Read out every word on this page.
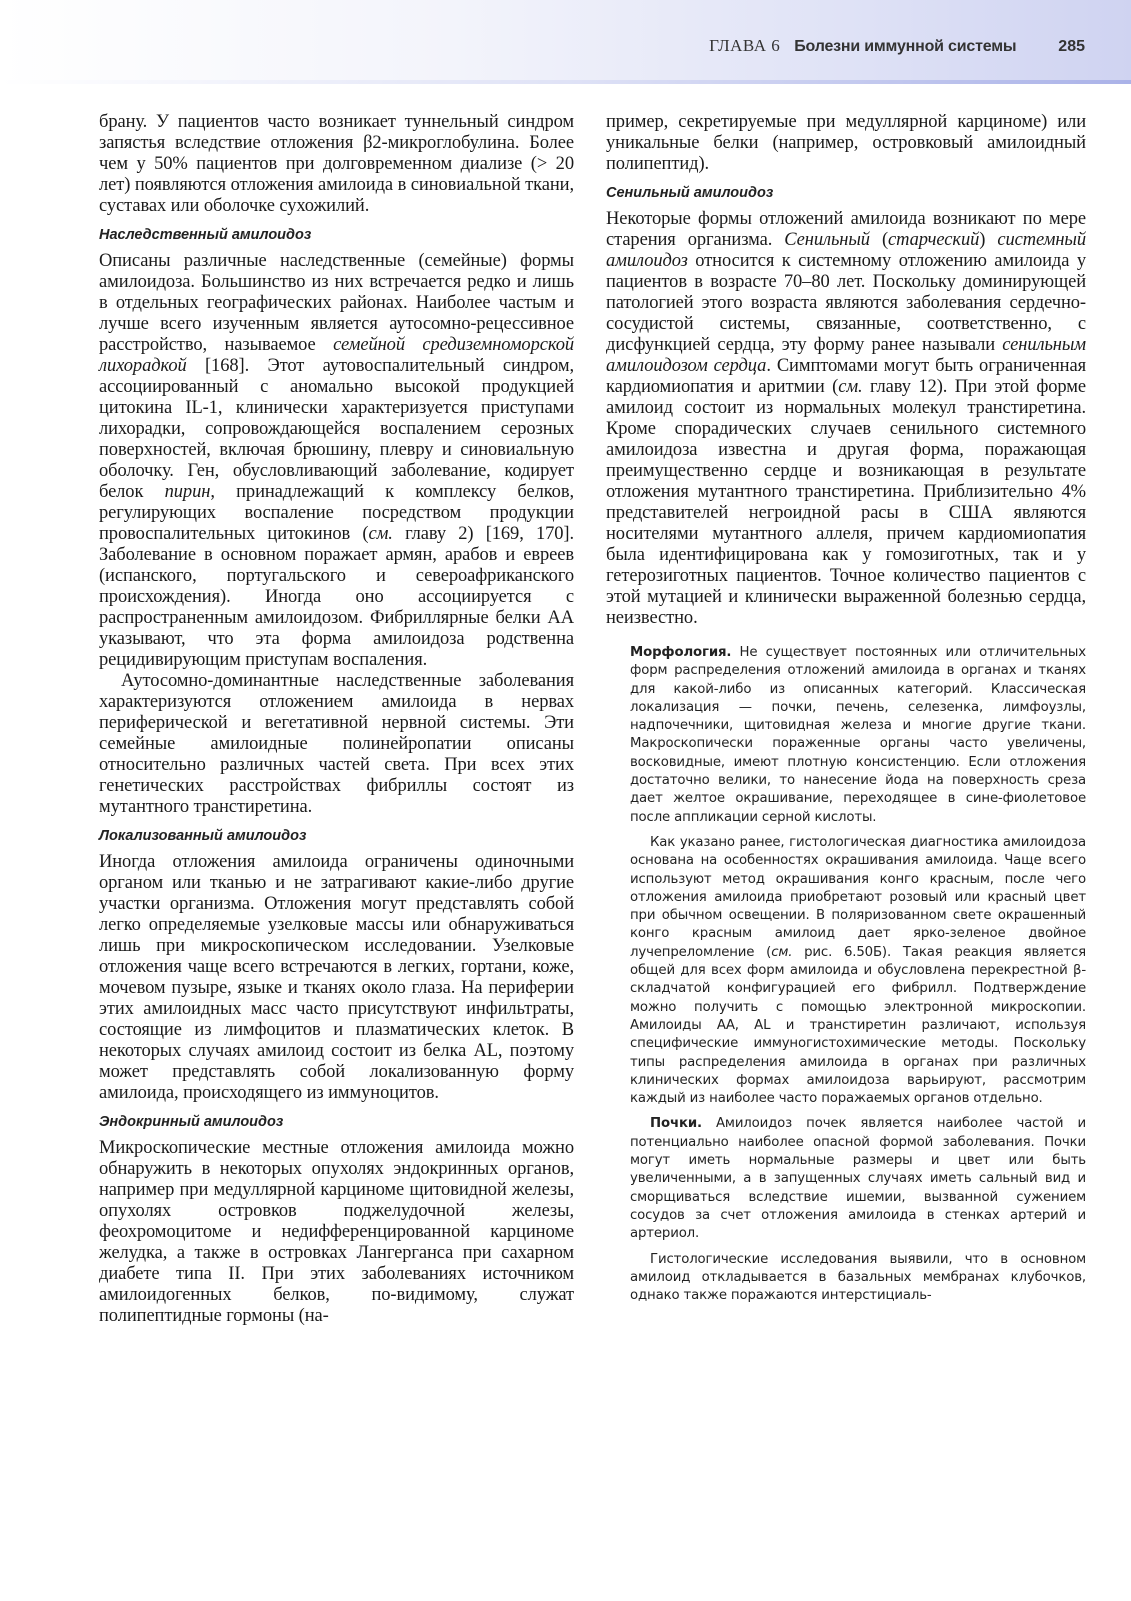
ГЛАВА 6 Болезни иммунной системы	285

брану. У пациентов часто возникает туннельный синдром запястья вследствие отложения β2-микроглобулина. Более чем у 50% пациентов при долговременном диализе (> 20 лет) появляются отложения амилоида в синовиальной ткани, суставах или оболочке сухожилий.

Наследственный амилоидоз

Описаны различные наследственные (семейные) формы амилоидоза. Большинство из них встречается редко и лишь в отдельных географических районах. Наиболее частым и лучше всего изученным является аутосомно-рецессивное расстройство, называемое семейной средиземноморской лихорадкой [168]. Этот аутовоспалительный синдром, ассоциированный с аномально высокой продукцией цитокина IL-1, клинически характеризуется приступами лихорадки, сопровождающейся воспалением серозных поверхностей, включая брюшину, плевру и синовиальную оболочку. Ген, обусловливающий заболевание, кодирует белок пирин, принадлежащий к комплексу белков, регулирующих воспаление посредством продукции провоспалительных цитокинов (см. главу 2) [169, 170]. Заболевание в основном поражает армян, арабов и евреев (испанского, португальского и североафриканского происхождения). Иногда оно ассоциируется с распространенным амилоидозом. Фибриллярные белки АА указывают, что эта форма амилоидоза родственна рецидивирующим приступам воспаления.

Аутосомно-доминантные наследственные заболевания характеризуются отложением амилоида в нервах периферической и вегетативной нервной системы. Эти семейные амилоидные полинейропатии описаны относительно различных частей света. При всех этих генетических расстройствах фибриллы состоят из мутантного транстиретина.

Локализованный амилоидоз

Иногда отложения амилоида ограничены одиночными органом или тканью и не затрагивают какие-либо другие участки организма. Отложения могут представлять собой легко определяемые узелковые массы или обнаруживаться лишь при микроскопическом исследовании. Узелковые отложения чаще всего встречаются в легких, гортани, коже, мочевом пузыре, языке и тканях около глаза. На периферии этих амилоидных масс часто присутствуют инфильтраты, состоящие из лимфоцитов и плазматических клеток. В некоторых случаях амилоид состоит из белка AL, поэтому может представлять собой локализованную форму амилоида, происходящего из иммуноцитов.

Эндокринный амилоидоз

Микроскопические местные отложения амилоида можно обнаружить в некоторых опухолях эндокринных органов, например при медуллярной карциноме щитовидной железы, опухолях островков поджелудочной железы, феохромоцитоме и недифференцированной карциноме желудка, а также в островках Лангерганса при сахарном диабете типа II. При этих заболеваниях источником амилоидогенных белков, по-видимому, служат полипептидные гормоны (на-

пример, секретируемые при медуллярной карциноме) или уникальные белки (например, островковый амилоидный полипептид).

Сенильный амилоидоз

Некоторые формы отложений амилоида возникают по мере старения организма. Сенильный (старческий) системный амилоидоз относится к системному отложению амилоида у пациентов в возрасте 70–80 лет. Поскольку доминирующей патологией этого возраста являются заболевания сердечно-сосудистой системы, связанные, соответственно, с дисфункцией сердца, эту форму ранее называли сенильным амилоидозом сердца. Симптомами могут быть ограниченная кардиомиопатия и аритмии (см. главу 12). При этой форме амилоид состоит из нормальных молекул транстиретина. Кроме спорадических случаев сенильного системного амилоидоза известна и другая форма, поражающая преимущественно сердце и возникающая в результате отложения мутантного транстиретина. Приблизительно 4% представителей негроидной расы в США являются носителями мутантного аллеля, причем кардиомиопатия была идентифицирована как у гомозиготных, так и у гетерозиготных пациентов. Точное количество пациентов с этой мутацией и клинически выраженной болезнью сердца, неизвестно.

Морфология. Не существует постоянных или отличительных форм распределения отложений амилоида в органах и тканях для какой-либо из описанных категорий. Классическая локализация — почки, печень, селезенка, лимфоузлы, надпочечники, щитовидная железа и многие другие ткани. Макроскопически пораженные органы часто увеличены, восковидные, имеют плотную консистенцию. Если отложения достаточно велики, то нанесение йода на поверхность среза дает желтое окрашивание, переходящее в сине-фиолетовое после аппликации серной кислоты.

Как указано ранее, гистологическая диагностика амилоидоза основана на особенностях окрашивания амилоида. Чаще всего используют метод окрашивания конго красным, после чего отложения амилоида приобретают розовый или красный цвет при обычном освещении. В поляризованном свете окрашенный конго красным амилоид дает ярко-зеленое двойное лучепреломление (см. рис. 6.50Б). Такая реакция является общей для всех форм амилоида и обусловлена перекрестной β-складчатой конфигурацией его фибрилл. Подтверждение можно получить с помощью электронной микроскопии. Амилоиды АА, AL и транстиретин различают, используя специфические иммуногистохимические методы. Поскольку типы распределения амилоида в органах при различных клинических формах амилоидоза варьируют, рассмотрим каждый из наиболее часто поражаемых органов отдельно.

Почки. Амилоидоз почек является наиболее частой и потенциально наиболее опасной формой заболевания. Почки могут иметь нормальные размеры и цвет или быть увеличенными, а в запущенных случаях иметь сальный вид и сморщиваться вследствие ишемии, вызванной сужением сосудов за счет отложения амилоида в стенках артерий и артериол.

Гистологические исследования выявили, что в основном амилоид откладывается в базальных мембранах клубочков, однако также поражаются интерстициаль-
